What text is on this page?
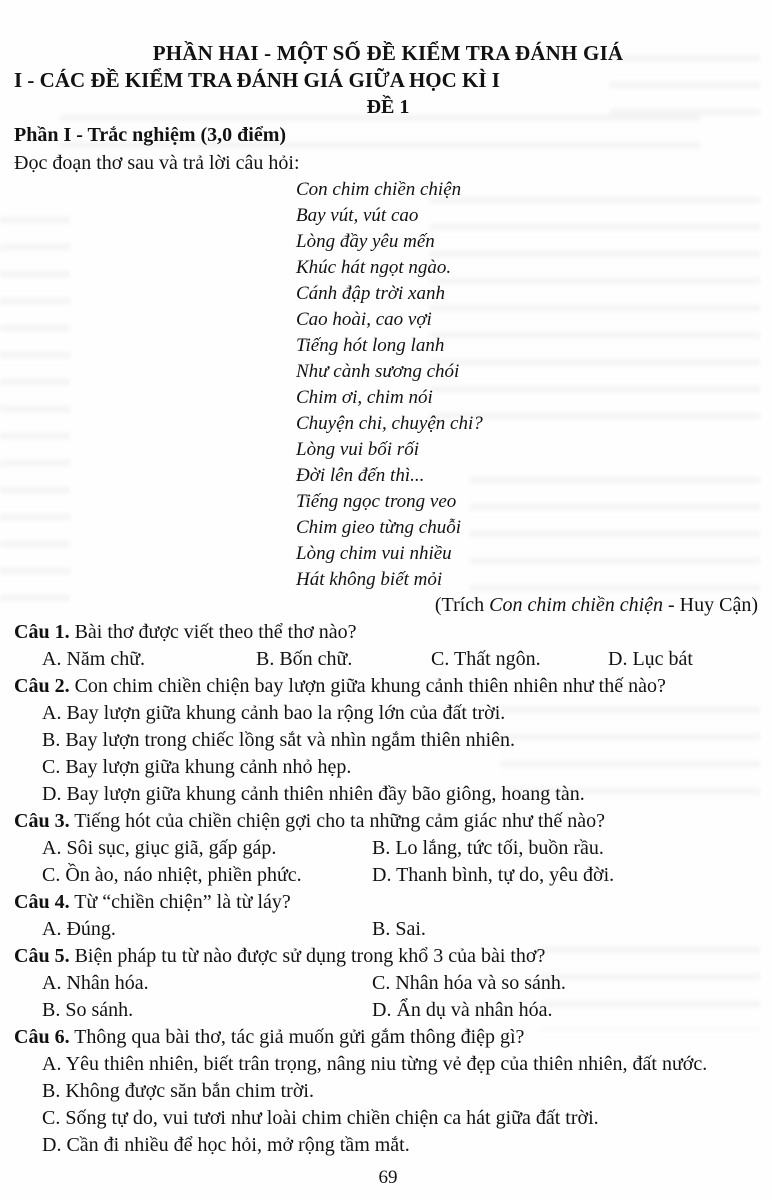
PHẦN HAI - MỘT SỐ ĐỀ KIỂM TRA ĐÁNH GIÁ
I - CÁC ĐỀ KIỂM TRA ĐÁNH GIÁ GIỮA HỌC KÌ I
ĐỀ 1
Phần I - Trắc nghiệm (3,0 điểm)
Đọc đoạn thơ sau và trả lời câu hỏi:
Con chim chiền chiện
Bay vút, vút cao
Lòng đầy yêu mến
Khúc hát ngọt ngào.
Cánh đập trời xanh
Cao hoài, cao vợi
Tiếng hót long lanh
Như cành sương chói
Chim ơi, chim nói
Chuyện chi, chuyện chi?
Lòng vui bối rối
Đời lên đến thì...
Tiếng ngọc trong veo
Chim gieo từng chuỗi
Lòng chim vui nhiều
Hát không biết mỏi
(Trích Con chim chiền chiện - Huy Cận)
Câu 1. Bài thơ được viết theo thể thơ nào?
A. Năm chữ.	B. Bốn chữ.	C. Thất ngôn.	D. Lục bát
Câu 2. Con chim chiền chiện bay lượn giữa khung cảnh thiên nhiên như thế nào?
A. Bay lượn giữa khung cảnh bao la rộng lớn của đất trời.
B. Bay lượn trong chiếc lồng sắt và nhìn ngắm thiên nhiên.
C. Bay lượn giữa khung cảnh nhỏ hẹp.
D. Bay lượn giữa khung cảnh thiên nhiên đầy bão giông, hoang tàn.
Câu 3. Tiếng hót của chiền chiện gợi cho ta những cảm giác như thế nào?
A. Sôi sục, giục giã, gấp gáp.	B. Lo lắng, tức tối, buồn rầu.
C. Ồn ào, náo nhiệt, phiền phức.	D. Thanh bình, tự do, yêu đời.
Câu 4. Từ “chiền chiện” là từ láy?
A. Đúng.	B. Sai.
Câu 5. Biện pháp tu từ nào được sử dụng trong khổ 3 của bài thơ?
A. Nhân hóa.	C. Nhân hóa và so sánh.
B. So sánh.	D. Ẩn dụ và nhân hóa.
Câu 6. Thông qua bài thơ, tác giả muốn gửi gắm thông điệp gì?
A. Yêu thiên nhiên, biết trân trọng, nâng niu từng vẻ đẹp của thiên nhiên, đất nước.
B. Không được săn bắn chim trời.
C. Sống tự do, vui tươi như loài chim chiền chiện ca hát giữa đất trời.
D. Cần đi nhiều để học hỏi, mở rộng tầm mắt.
69
